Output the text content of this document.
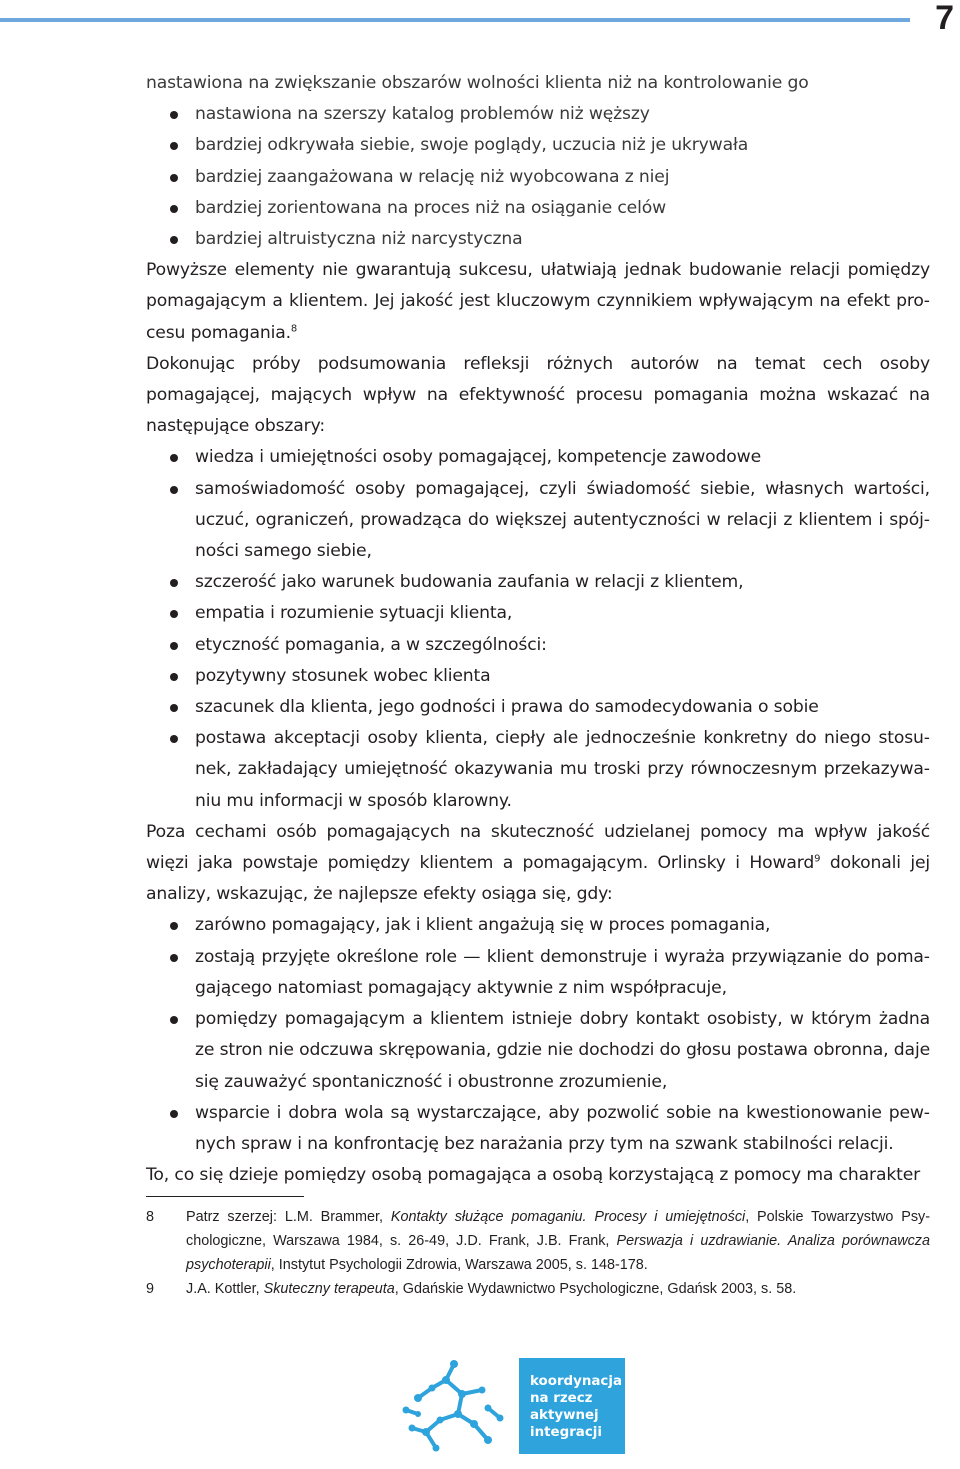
7

nastawiona na zwiększanie obszarów wolności klienta niż na kontrolowanie go

nastawiona na szerszy katalog problemów niż węższy
bardziej odkrywała siebie, swoje poglądy, uczucia niż je ukrywała
bardziej zaangażowana w relację niż wyobcowana z niej
bardziej zorientowana na proces niż na osiąganie celów
bardziej altruistyczna niż narcystyczna

Powyższe elementy nie gwarantują sukcesu, ułatwiają jednak budowanie relacji pomiędzy pomagającym a klientem. Jej jakość jest kluczowym czynnikiem wpływającym na efekt procesu pomagania.$^8$

Dokonując próby podsumowania refleksji różnych autorów na temat cech osoby pomagającej, mających wpływ na efektywność procesu pomagania można wskazać na następujące obszary:

wiedza i umiejętności osoby pomagającej, kompetencje zawodowe
samoświadomość osoby pomagającej, czyli świadomość siebie, własnych wartości, uczuć, ograniczeń, prowadząca do większej autentyczności w relacji z klientem i spójności samego siebie,
szczerość jako warunek budowania zaufania w relacji z klientem,
empatia i rozumienie sytuacji klienta,
etyczność pomagania, a w szczególności:
pozytywny stosunek wobec klienta
szacunek dla klienta, jego godności i prawa do samodecydowania o sobie
postawa akceptacji osoby klienta, ciepły ale jednocześnie konkretny do niego stosunek, zakładający umiejętność okazywania mu troski przy równoczesnym przekazywaniu mu informacji w sposób klarowny.

Poza cechami osób pomagających na skuteczność udzielanej pomocy ma wpływ jakość więzi jaka powstaje pomiędzy klientem a pomagającym. Orlinsky i Howard$^9$ dokonali jej analizy, wskazując, że najlepsze efekty osiąga się, gdy:

zarówno pomagający, jak i klient angażują się w proces pomagania,
zostają przyjęte określone role — klient demonstruje i wyraża przywiązanie do pomagającego natomiast pomagający aktywnie z nim współpracuje,
pomiędzy pomagającym a klientem istnieje dobry kontakt osobisty, w którym żadna ze stron nie odczuwa skrępowania, gdzie nie dochodzi do głosu postawa obronna, daje się zauważyć spontaniczność i obustronne zrozumienie,
wsparcie i dobra wola są wystarczające, aby pozwolić sobie na kwestionowanie pewnych spraw i na konfrontację bez narażania przy tym na szwank stabilności relacji.

To, co się dzieje pomiędzy osobą pomagająca a osobą korzystającą z pomocy ma charakter

8 Patrz szerzej: L.M. Brammer, Kontakty służące pomaganiu. Procesy i umiejętności, Polskie Towarzystwo Psychologiczne, Warszawa 1984, s. 26-49, J.D. Frank, J.B. Frank, Perswazja i uzdrawianie. Analiza porównawcza psychoterapii, Instytut Psychologii Zdrowia, Warszawa 2005, s. 148-178.
9 J.A. Kottler, Skuteczny terapeuta, Gdańskie Wydawnictwo Psychologiczne, Gdańsk 2003, s. 58.
koordynacja
na rzecz
aktywnej
integracji
